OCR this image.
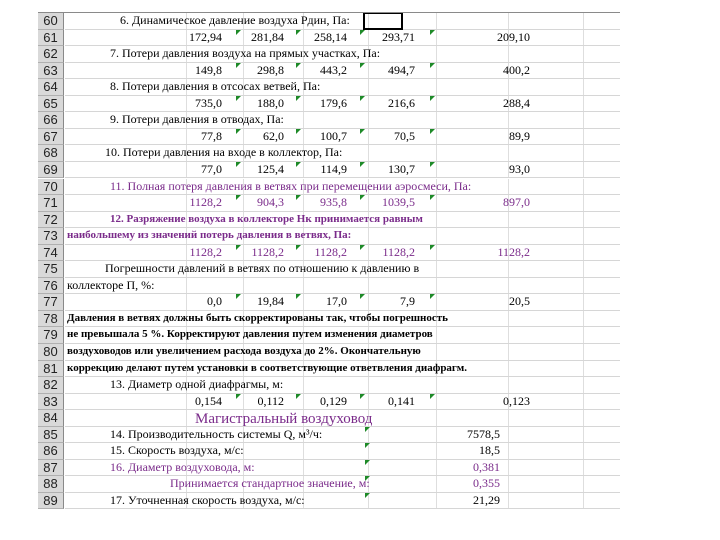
60	6. Динамическое давление воздуха Pдин, Па:
61	172,94 281,84	258,14	293,71	209,10
62	7. Потери давления воздуха на прямых участках, Па:
63	149,8	298,8	443,2	494,7	400,2
64	8. Потери давления в отсосах ветвей, Па:
65	735,0	188,0	179,6	216,6	288,4
66	9. Потери давления в отводах, Па:
67	77,8	62,0	100,7	70,5	89,9
68	10. Потери давления на входе в коллектор, Па:
69	77,0	125,4	114,9	130,7	93,0
70	11. Полная потеря давления в ветвях при перемещении аэросмеси, Па:
71	1128,2	904,3	935,8	1039,5	897,0
72	12. Разряжение воздуха в коллекторе Нк принимается равным
73 наибольшему из значений потерь давления в ветвях, Па:
74	1128,2 1128,2	1128,2	1128,2	1128,2
75	Погрешности давлений в ветвях по отношению к давлению в
76 коллекторе П, %:
77	0,0	19,84	17,0	7,9	20,5
78 Давления в ветвях должны быть скорректированы так, чтобы погрешность
79 не превышала 5 %. Корректируют давления путем изменения диаметров
80 воздуховодов или увеличением расхода воздуха до 2%. Окончательную
81 коррекцию делают путем установки в соответствующие ответвления диафрагм.
82	13. Диаметр одной диафрагмы, м:
83	0,154	0,112	0,129	0,141	0,123
84	Магистральный воздуховод
85	14. Производительность системы Q, м³/ч:	7578,5
86	15. Скорость воздуха, м/с:	18,5
87	16. Диаметр воздуховода, м:	0,381
88	Принимается стандартное значение, м:	0,355
89	17. Уточненная скорость воздуха, м/с:	21,29
